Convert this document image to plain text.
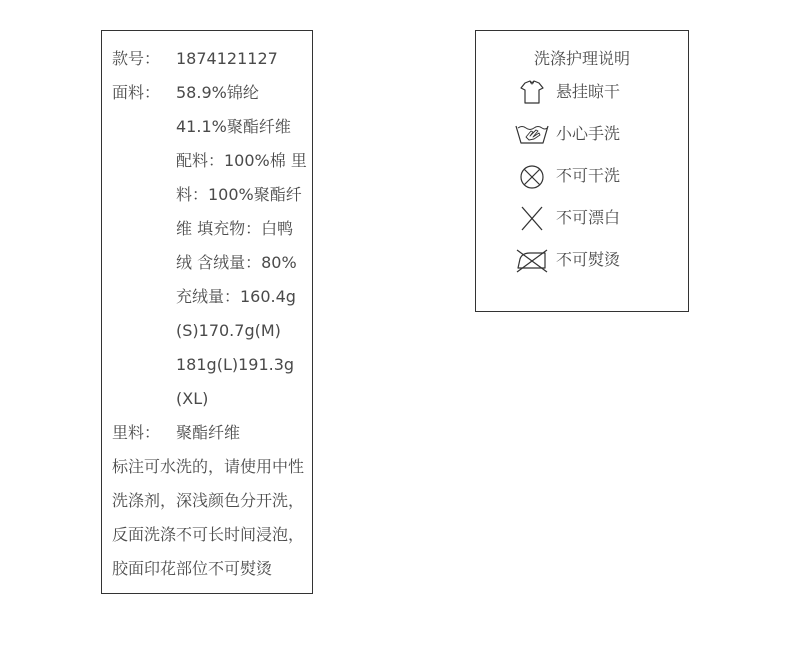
款号： 1874121127
面料： 58.9%锦纶
41.1%聚酯纤维
配料：100%棉 里
料：100%聚酯纤
维 填充物：白鸭
绒 含绒量：80%
充绒量：160.4g
(S)170.7g(M)
181g(L)191.3g
(XL)
里料： 聚酯纤维
标注可水洗的，请使用中性
洗涤剂，深浅颜色分开洗，
反面洗涤不可长时间浸泡，
胶面印花部位不可熨烫
洗涤护理说明
悬挂晾干
小心手洗
不可干洗
不可漂白
不可熨烫
